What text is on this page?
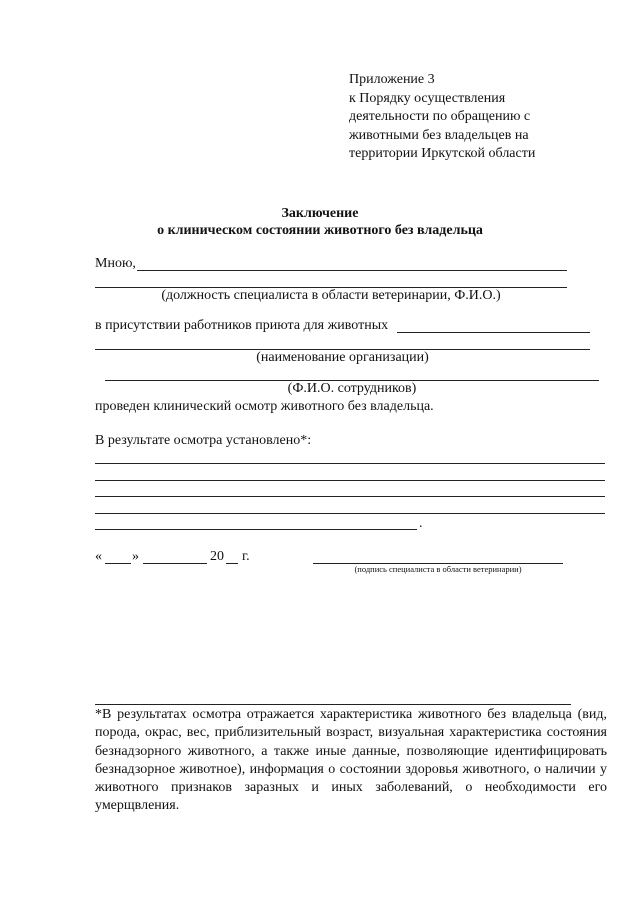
Приложение 3
к Порядку осуществления
деятельности по обращению с
животными без владельцев на
территории Иркутской области
Заключение
о клиническом состоянии животного без владельца
Мною,
(должность специалиста в области ветеринарии, Ф.И.О.)
в присутствии работников приюта для животных
(наименование организации)
(Ф.И.О. сотрудников)
проведен клинический осмотр животного без владельца.
В результате осмотра установлено*:
.
« »	20 г.
(подпись специалиста в области ветеринарии)
*В результатах осмотра отражается характеристика животного без владельца (вид, порода, окрас, вес, приблизительный возраст, визуальная характеристика состояния безнадзорного животного, а также иные данные, позволяющие идентифицировать безнадзорное животное), информация о состоянии здоровья животного, о наличии у животного признаков заразных и иных заболеваний, о необходимости его умерщвления.
